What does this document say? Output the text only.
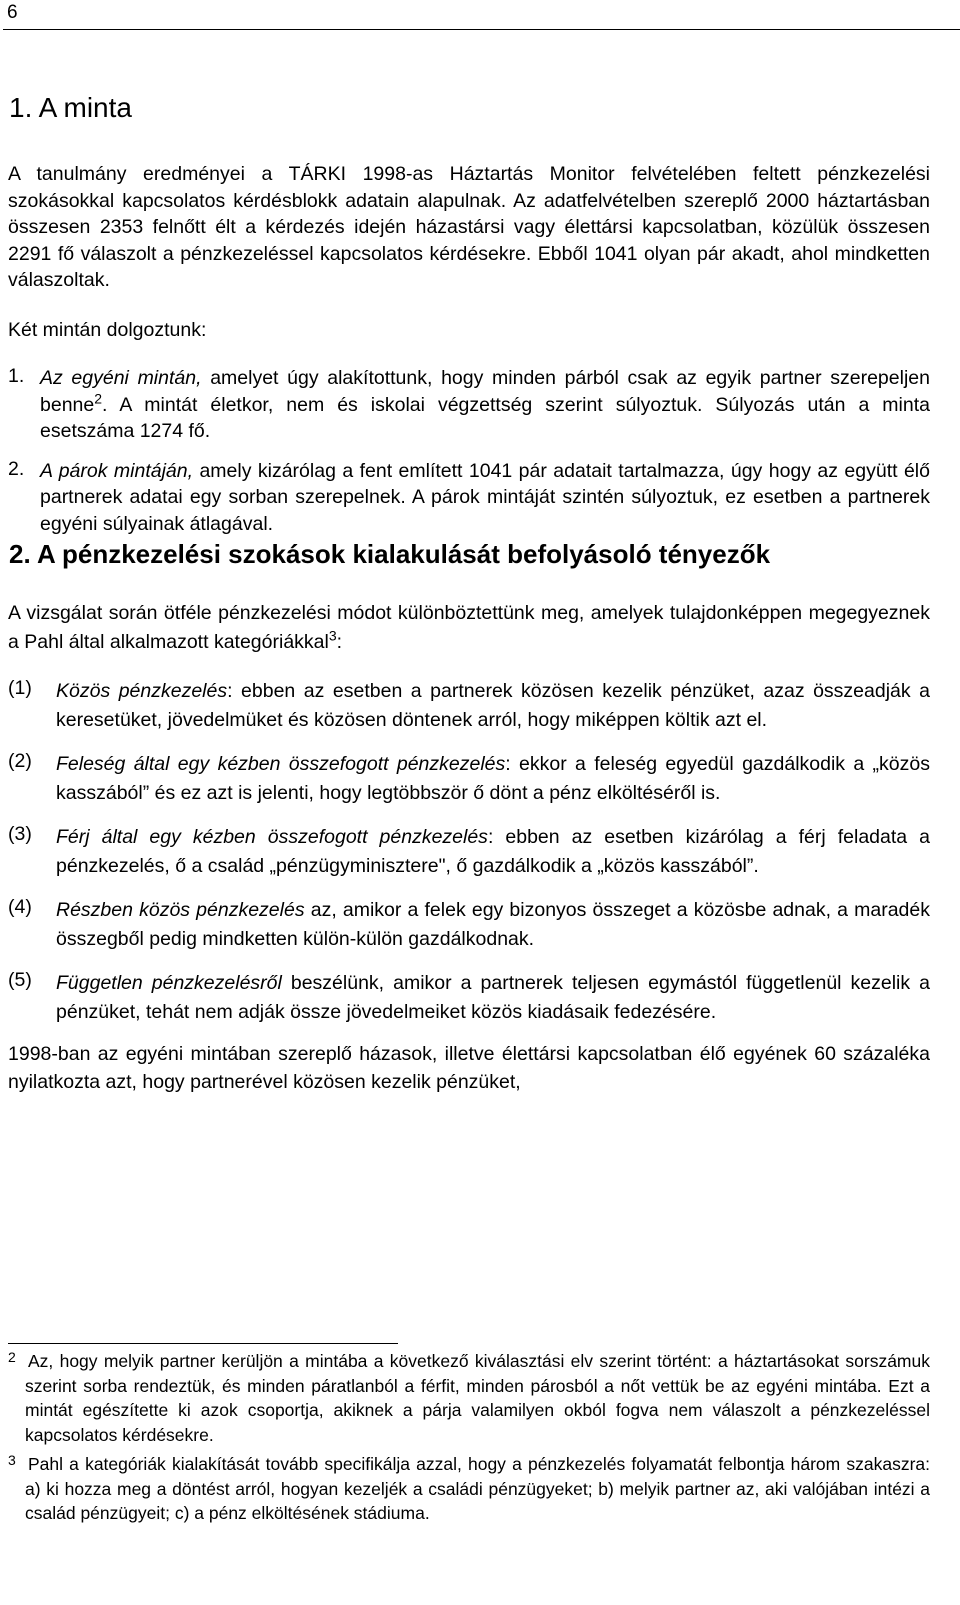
6
1. A minta

A tanulmány eredményei a TÁRKI 1998-as Háztartás Monitor felvételében feltett pénzkezelési szokásokkal kapcsolatos kérdésblokk adatain alapulnak. Az adatfelvételben szereplő 2000 háztartásban összesen 2353 felnőtt élt a kérdezés idején házastársi vagy élettársi kapcsolatban, közülük összesen 2291 fő válaszolt a pénzkezeléssel kapcsolatos kérdésekre. Ebből 1041 olyan pár akadt, ahol mindketten válaszoltak.

Két mintán dolgoztunk:

1. Az egyéni mintán, amelyet úgy alakítottunk, hogy minden párból csak az egyik partner szerepeljen benne$^2$. A mintát életkor, nem és iskolai végzettség szerint súlyoztuk. Súlyozás után a minta esetszáma 1274 fő.
2. A párok mintáján, amely kizárólag a fent említett 1041 pár adatait tartalmazza, úgy hogy az együtt élő partnerek adatai egy sorban szerepelnek. A párok mintáját szintén súlyoztuk, ez esetben a partnerek egyéni súlyainak átlagával.
2. A pénzkezelési szokások kialakulását befolyásoló tényezők

A vizsgálat során ötféle pénzkezelési módot különböztettünk meg, amelyek tulajdonképpen megegyeznek a Pahl által alkalmazott kategóriákkal$^3$:

(1)	Közös pénzkezelés: ebben az esetben a partnerek közösen kezelik pénzüket, azaz összeadják a keresetüket, jövedelmüket és közösen döntenek arról, hogy miképpen költik azt el.
(2)	Feleség által egy kézben összefogott pénzkezelés: ekkor a feleség egyedül gazdálkodik a „közös kasszából” és ez azt is jelenti, hogy legtöbbször ő dönt a pénz elköltéséről is.
(3)	Férj által egy kézben összefogott pénzkezelés: ebben az esetben kizárólag a férj feladata a pénzkezelés, ő a család „pénzügyminisztere", ő gazdálkodik a „közös kasszából”.
(4)	Részben közös pénzkezelés az, amikor a felek egy bizonyos összeget a közösbe adnak, a maradék összegből pedig mindketten külön-külön gazdálkodnak.
(5)	Független pénzkezelésről beszélünk, amikor a partnerek teljesen egymástól függetlenül kezelik a pénzüket, tehát nem adják össze jövedelmeiket közös kiadásaik fedezésére.

1998-ban az egyéni mintában szereplő házasok, illetve élettársi kapcsolatban élő egyének 60 százaléka nyilatkozta azt, hogy partnerével közösen kezelik pénzüket,

2 Az, hogy melyik partner kerüljön a mintába a következő kiválasztási elv szerint történt: a háztartásokat sorszámuk szerint sorba rendeztük, és minden páratlanból a férfit, minden párosból a nőt vettük be az egyéni mintába. Ezt a mintát egészítette ki azok csoportja, akiknek a párja valamilyen okból fogva nem válaszolt a pénzkezeléssel kapcsolatos kérdésekre.
3 Pahl a kategóriák kialakítását tovább specifikálja azzal, hogy a pénzkezelés folyamatát felbontja három szakaszra: a) ki hozza meg a döntést arról, hogyan kezeljék a családi pénzügyeket; b) melyik partner az, aki valójában intézi a család pénzügyeit; c) a pénz elköltésének stádiuma.
